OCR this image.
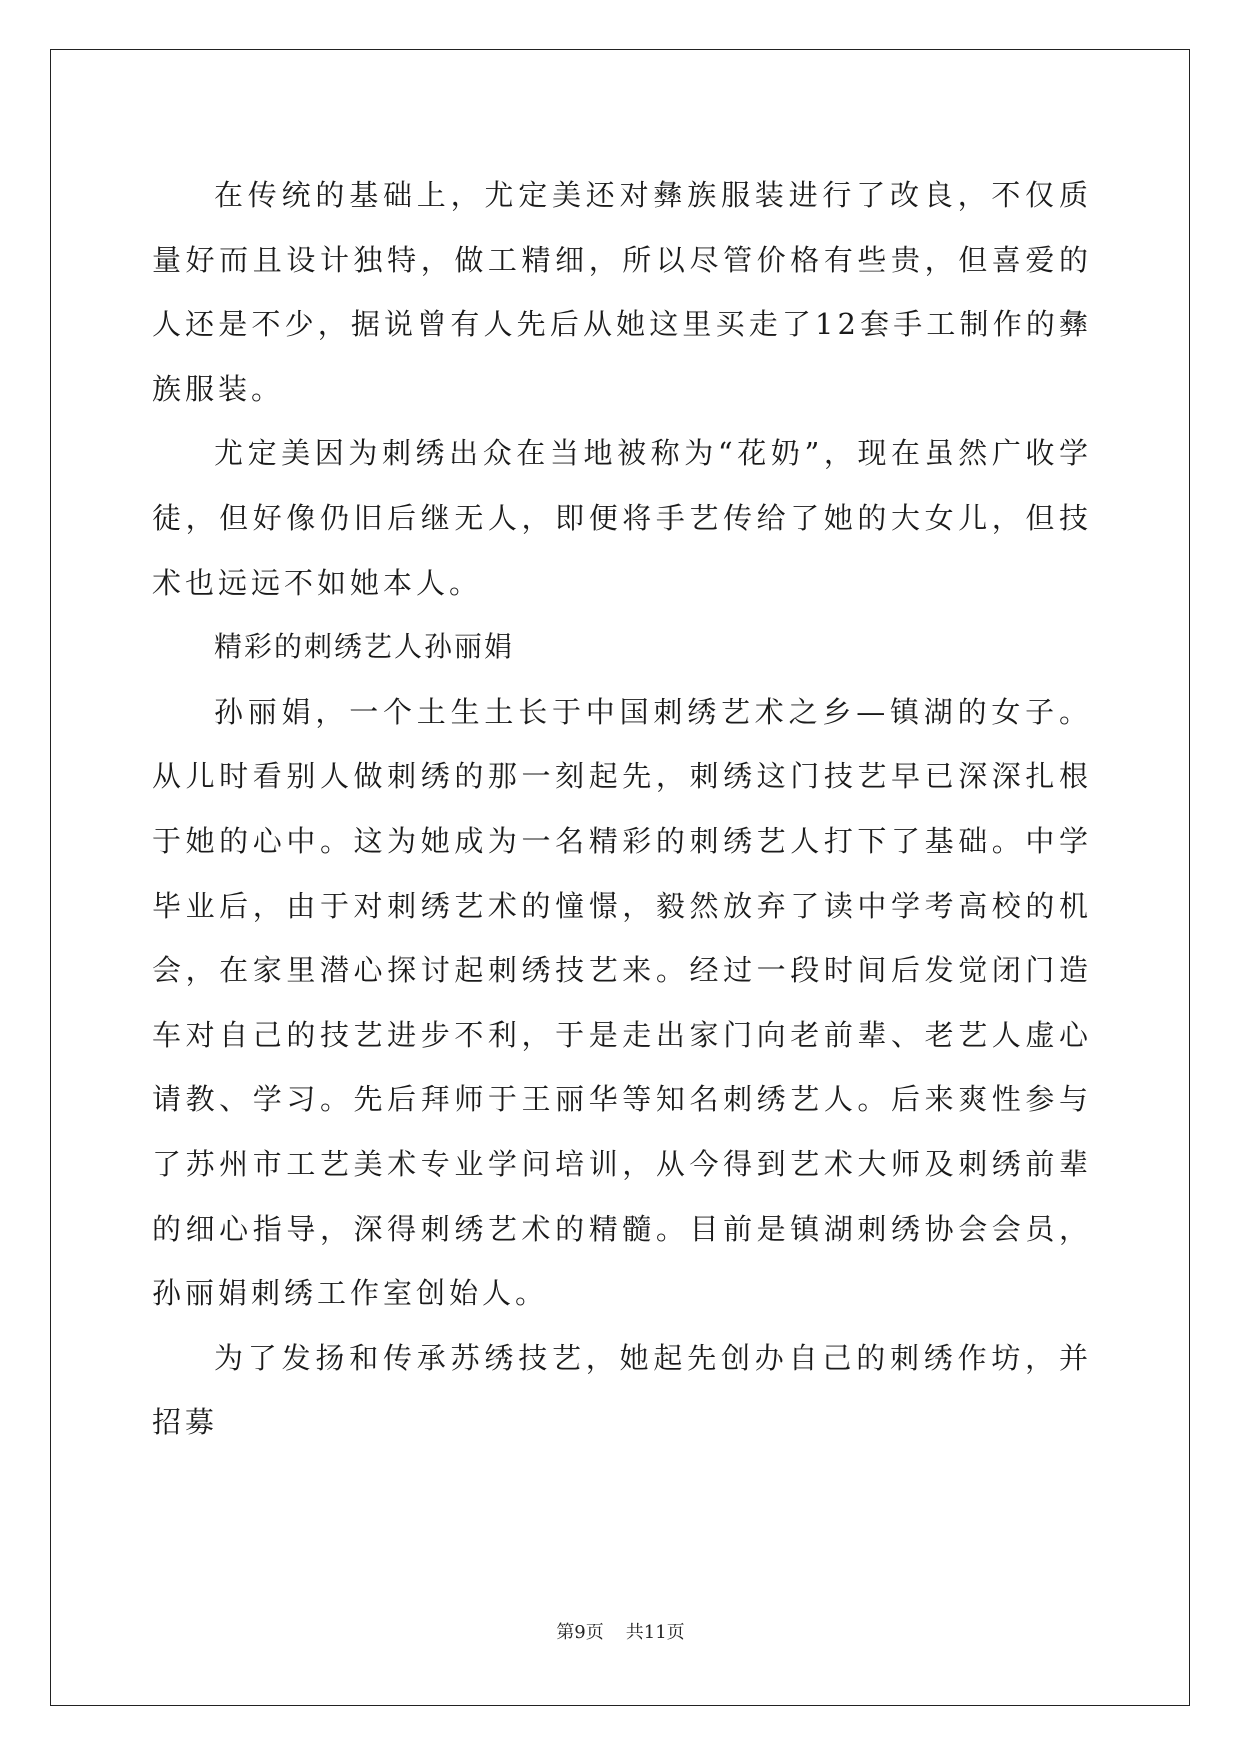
在传统的基础上，尤定美还对彝族服装进行了改良，不仅质量好而且设计独特，做工精细，所以尽管价格有些贵，但喜爱的人还是不少，据说曾有人先后从她这里买走了12套手工制作的彝族服装。

尤定美因为刺绣出众在当地被称为“花奶”，现在虽然广收学徒，但好像仍旧后继无人，即便将手艺传给了她的大女儿，但技术也远远不如她本人。

精彩的刺绣艺人孙丽娟

孙丽娟，一个土生土长于中国刺绣艺术之乡—镇湖的女子。从儿时看别人做刺绣的那一刻起先，刺绣这门技艺早已深深扎根于她的心中。这为她成为一名精彩的刺绣艺人打下了基础。中学毕业后，由于对刺绣艺术的憧憬，毅然放弃了读中学考高校的机会，在家里潜心探讨起刺绣技艺来。经过一段时间后发觉闭门造车对自己的技艺进步不利，于是走出家门向老前辈、老艺人虚心请教、学习。先后拜师于王丽华等知名刺绣艺人。后来爽性参与了苏州市工艺美术专业学问培训，从今得到艺术大师及刺绣前辈的细心指导，深得刺绣艺术的精髓。目前是镇湖刺绣协会会员，孙丽娟刺绣工作室创始人。

为了发扬和传承苏绣技艺，她起先创办自己的刺绣作坊，并招募

第9页 共11页
